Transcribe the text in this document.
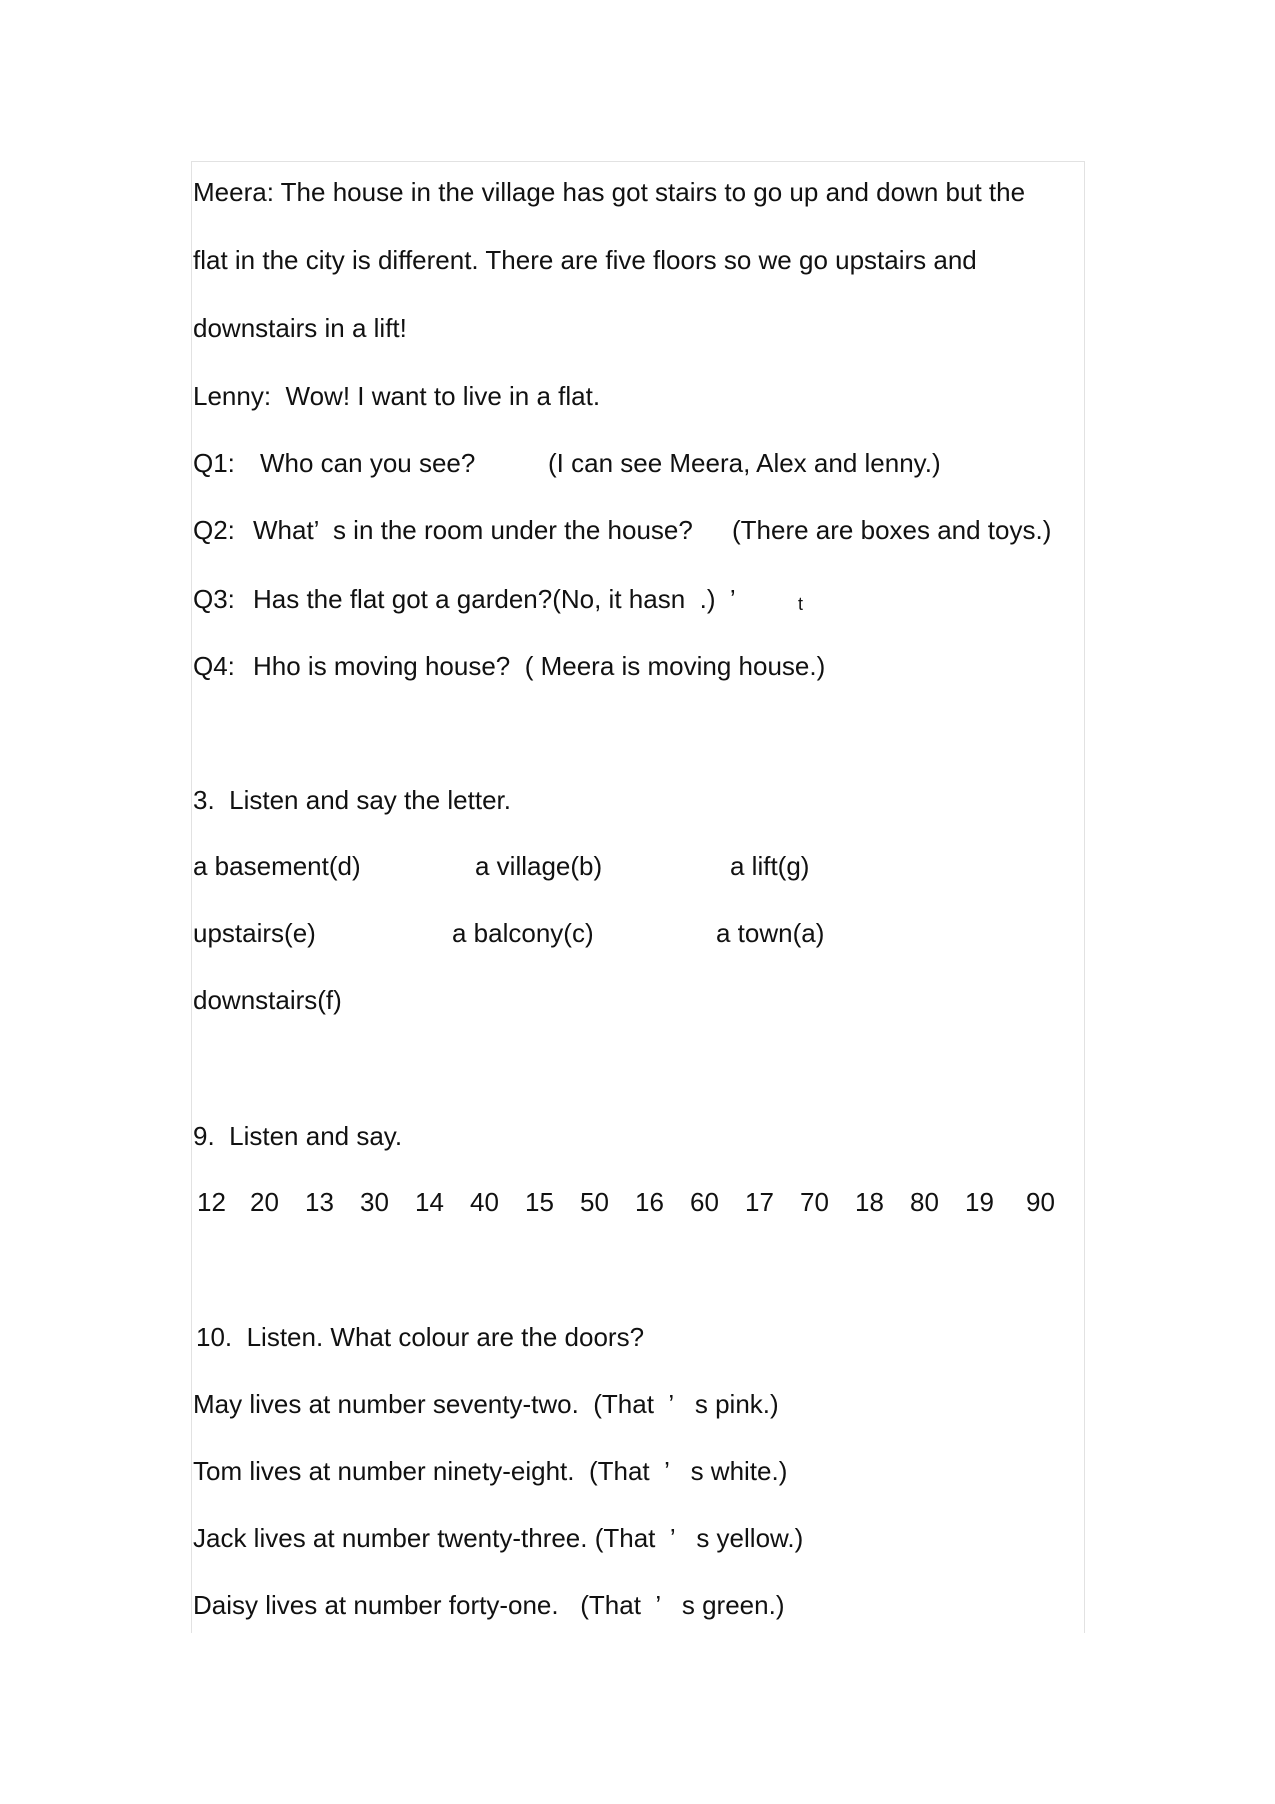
Meera: The house in the village has got stairs to go up and down but the
flat in the city is different. There are five floors so we go upstairs and
downstairs in a lift!
Lenny:  Wow! I want to live in a flat.
Q1: Who can you see?	(I can see Meera, Alex and lenny.)
Q2: What’  s in the room under the house? (There are boxes and toys.)
Q3: Has the flat got a garden?(No, it hasn  .)  ’	t
Q4: Hho is moving house?  ( Meera is moving house.)
3.  Listen and say the letter.
a basement(d)	a village(b)	a lift(g)
upstairs(e)	a balcony(c)	a town(a)
downstairs(f)
9.  Listen and say.
12 20 13 30 14 40 15 50 16 60 17 70 18 80 19 90
10.  Listen. What colour are the doors?
May lives at number seventy-two.  (That  ’   s pink.)
Tom lives at number ninety-eight.  (That  ’   s white.)
Jack lives at number twenty-three. (That  ’   s yellow.)
Daisy lives at number forty-one.   (That  ’   s green.)
